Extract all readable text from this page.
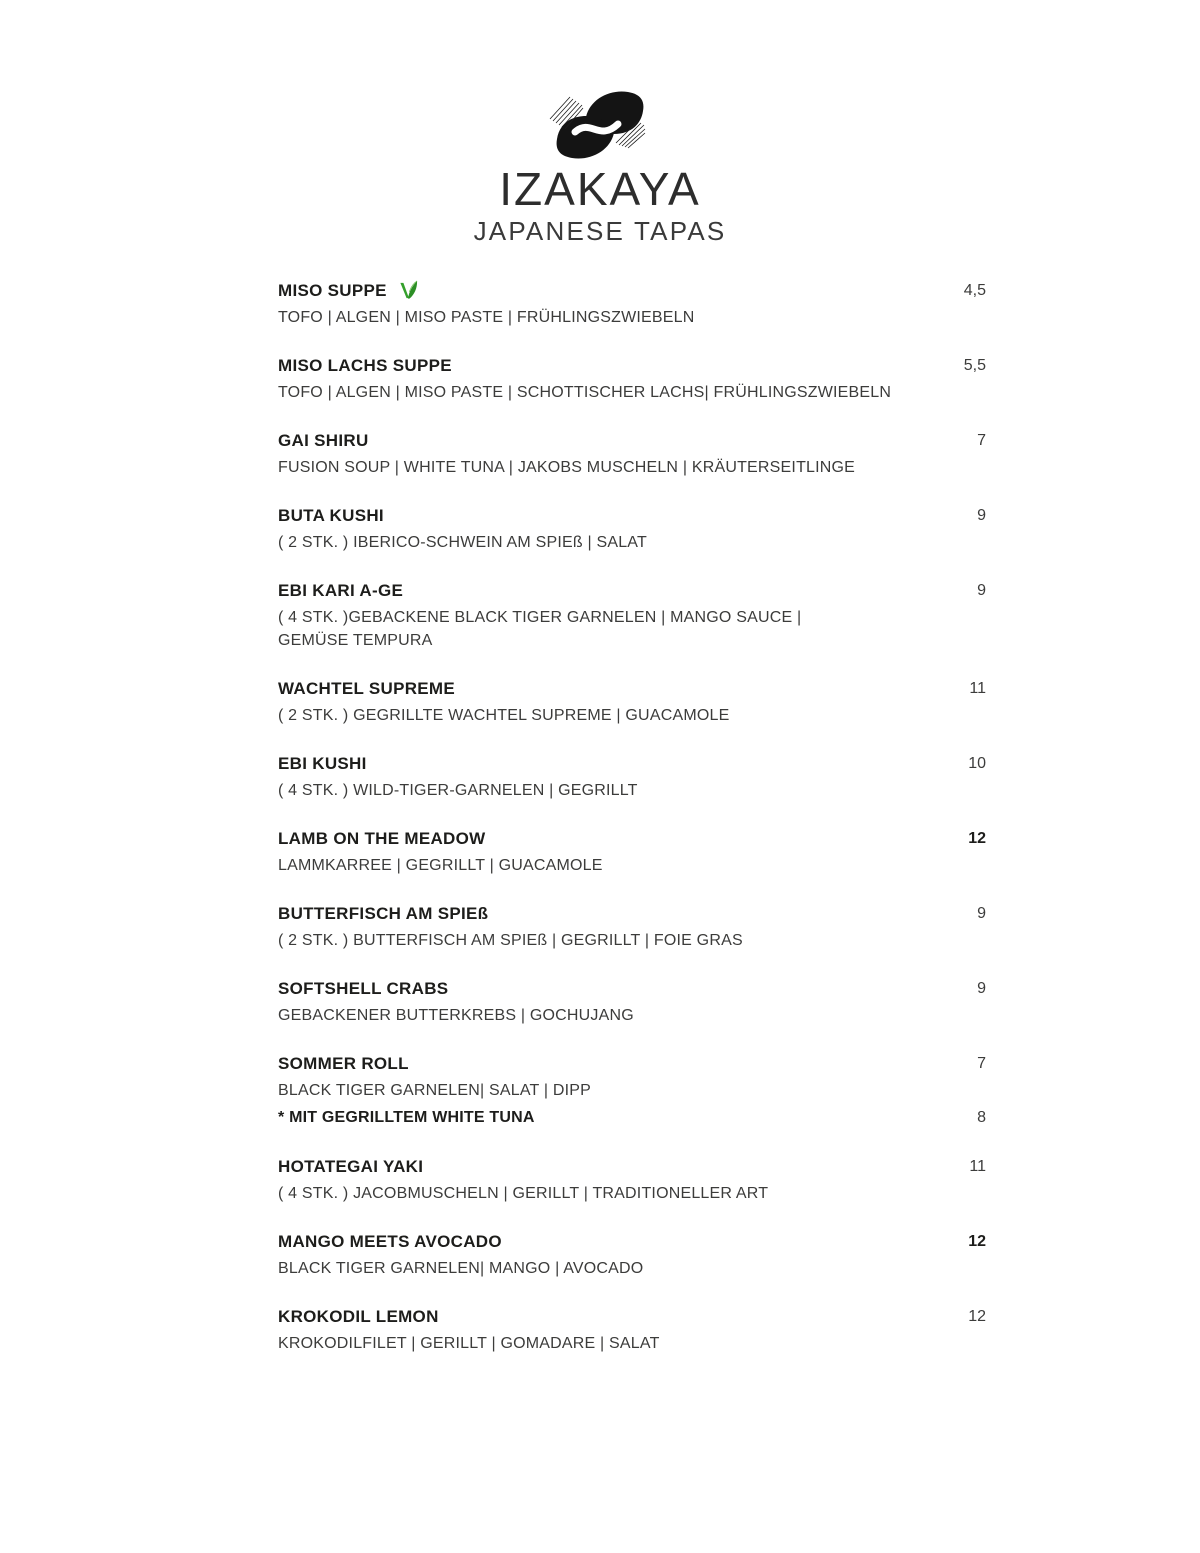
IZAKAYA
JAPANESE TAPAS
MISO SUPPE	4,5

TOFO | ALGEN | MISO PASTE | FRÜHLINGSZWIEBELN

MISO LACHS SUPPE	5,5

TOFO | ALGEN | MISO PASTE | SCHOTTISCHER LACHS| FRÜHLINGSZWIEBELN

GAI SHIRU	7

FUSION SOUP | WHITE TUNA | JAKOBS MUSCHELN | KRÄUTERSEITLINGE

BUTA KUSHI	9

( 2 STK. ) IBERICO-SCHWEIN AM SPIEß | SALAT

EBI KARI A-GE	9

( 4 STK. )GEBACKENE BLACK TIGER GARNELEN | MANGO SAUCE |
GEMÜSE TEMPURA

WACHTEL SUPREME	11

( 2 STK. ) GEGRILLTE WACHTEL SUPREME | GUACAMOLE

EBI KUSHI	10

( 4 STK. ) WILD-TIGER-GARNELEN | GEGRILLT

LAMB ON THE MEADOW	12

LAMMKARREE | GEGRILLT | GUACAMOLE

BUTTERFISCH AM SPIEß	9

( 2 STK. ) BUTTERFISCH AM SPIEß | GEGRILLT | FOIE GRAS

SOFTSHELL CRABS	9

GEBACKENER BUTTERKREBS | GOCHUJANG

SOMMER ROLL	7

BLACK TIGER GARNELEN| SALAT | DIPP

* MIT GEGRILLTEM WHITE TUNA	8
HOTATEGAI YAKI	11

( 4 STK. ) JACOBMUSCHELN | GERILLT | TRADITIONELLER ART

MANGO MEETS AVOCADO	12

BLACK TIGER GARNELEN| MANGO | AVOCADO

KROKODIL LEMON	12

KROKODILFILET | GERILLT | GOMADARE | SALAT
